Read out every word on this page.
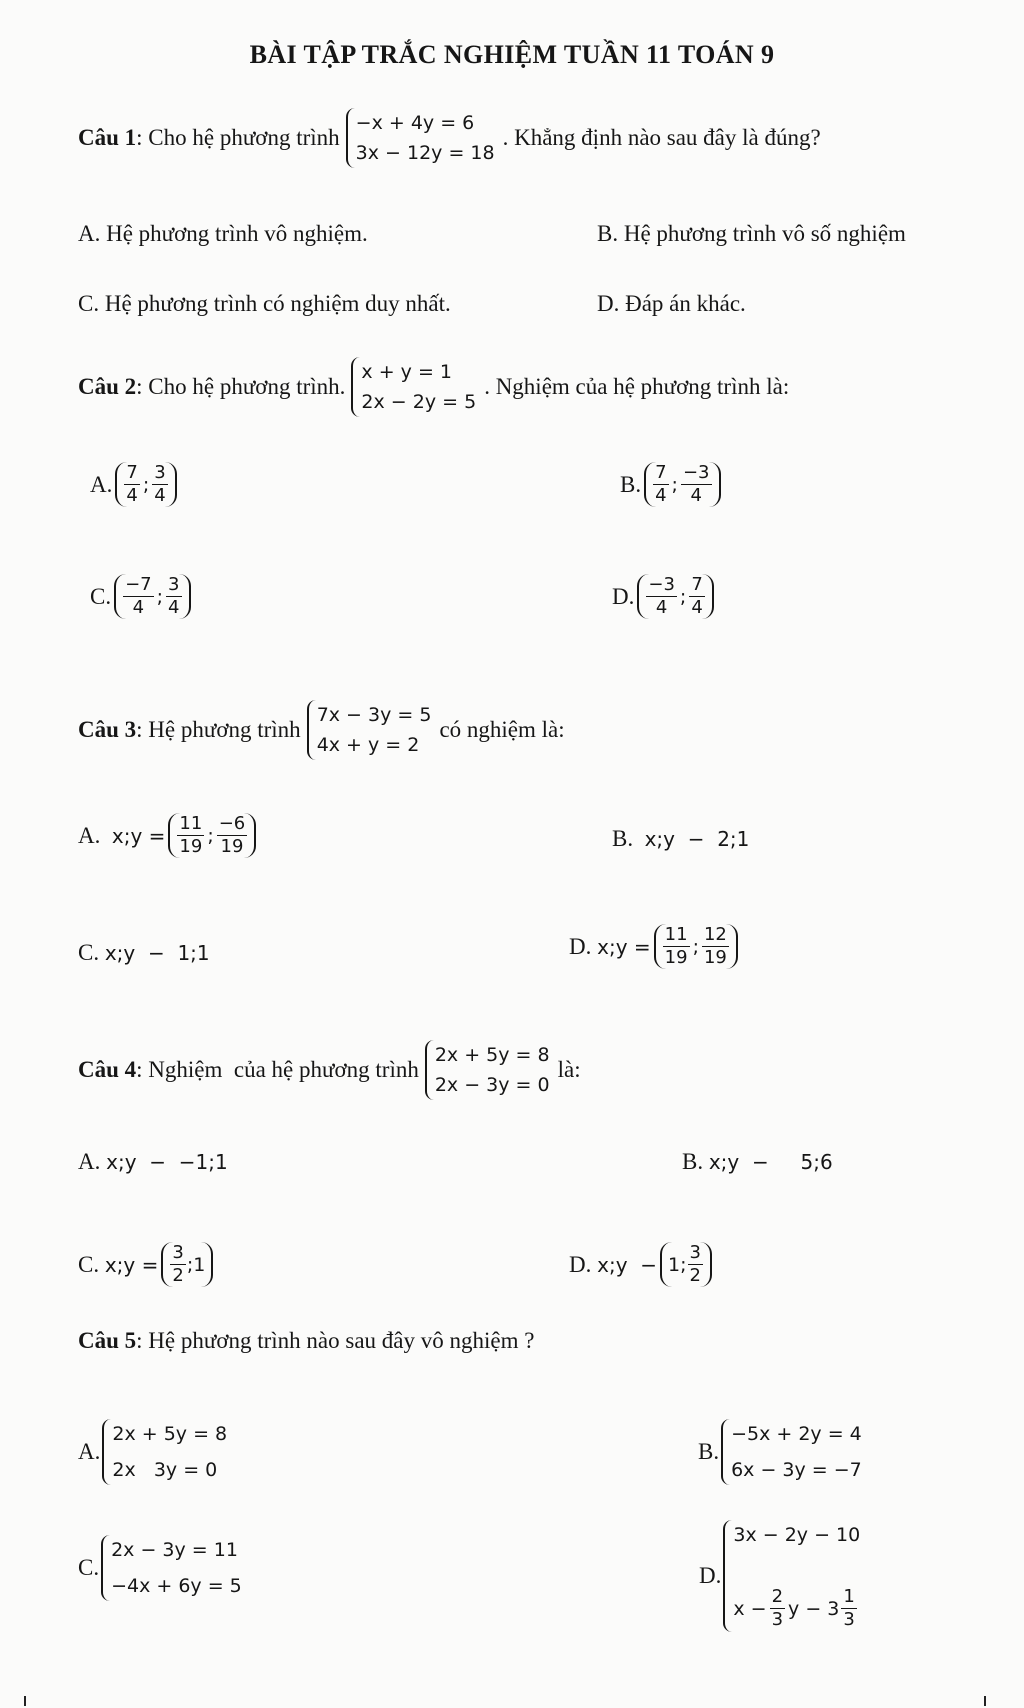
BÀI TẬP TRẮC NGHIỆM TUẦN 11 TOÁN 9
Câu 1 : Cho hệ phương trình
−x + 4y = 6
3x − 12y = 18
. Khẳng định nào sau đây là đúng?
A. Hệ phương trình vô nghiệm.	B. Hệ phương trình vô số nghiệm
C. Hệ phương trình có nghiệm duy nhất.	D. Đáp án khác.
Câu 2 : Cho hệ phương trình.
x + y = 1
2x − 2y = 5
. Nghiệm của hệ phương trình là:
A. $\frac{7}{4}$ ; $\frac{3}{4}$	B. $\frac{7}{4}$ ; $\frac{-3}{4}$
C. $\frac{-7}{4}$ ; $\frac{3}{4}$	D. $\frac{-3}{4}$ ; $\frac{7}{4}$
Câu 3 : Hệ phương trình
7x − 3y = 5
4x + y = 2
có nghiệm là:
A.
x;y = $\frac{11}{19}$ ; $\frac{-6}{19}$	B.
x;y  −  2;1
C.
x;y  −  1;1	D.
x;y = $\frac{11}{19}$ ; $\frac{12}{19}$
Câu 4 : Nghiệm  của hệ phương trình
2x + 5y = 8
2x − 3y = 0
là:
A.
x;y  −  −1;1	B.
x;y  −     5;6
C.
x;y = $\frac{3}{2}$ ;1	D.
x;y  − 1; $\frac{3}{2}$
Câu 5 : Hệ phương trình nào sau đây vô nghiệm ?
A.
2x + 5y = 8
2x   3y = 0
B.
−5x + 2y = 4
6x − 3y = −7
C.
2x − 3y = 11
−4x + 6y = 5	D.
3x − 2y − 10
$x - \frac{2}{3}$ $y - 3 \frac{1}{3}$
